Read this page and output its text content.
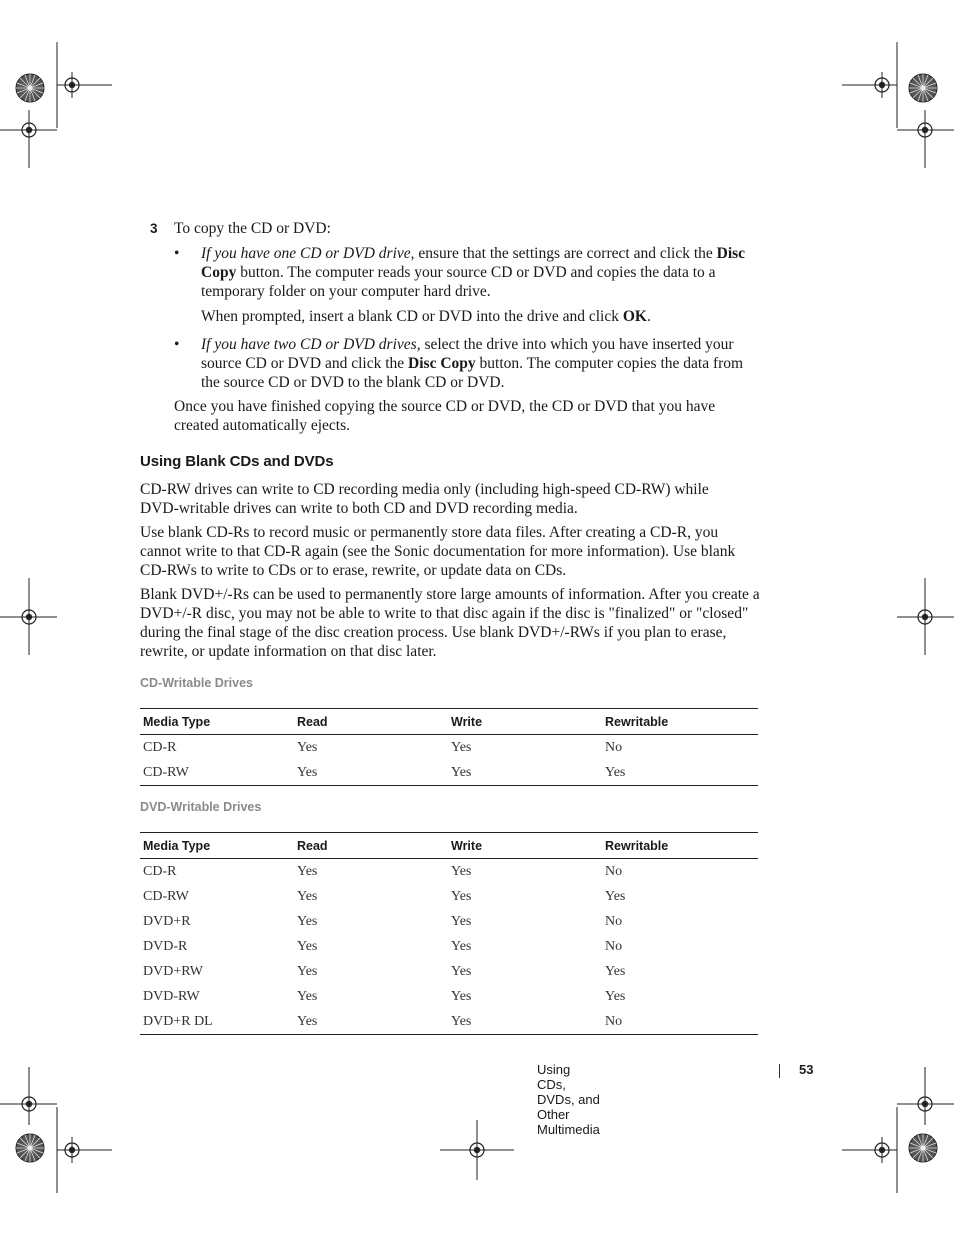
3 To copy the CD or DVD:
• If you have one CD or DVD drive, ensure that the settings are correct and click the Disc Copy button. The computer reads your source CD or DVD and copies the data to a temporary folder on your computer hard drive.
When prompted, insert a blank CD or DVD into the drive and click OK.
• If you have two CD or DVD drives, select the drive into which you have inserted your source CD or DVD and click the Disc Copy button. The computer copies the data from the source CD or DVD to the blank CD or DVD.
Once you have finished copying the source CD or DVD, the CD or DVD that you have created automatically ejects.
Using Blank CDs and DVDs
CD-RW drives can write to CD recording media only (including high-speed CD-RW) while DVD-writable drives can write to both CD and DVD recording media.
Use blank CD-Rs to record music or permanently store data files. After creating a CD-R, you cannot write to that CD-R again (see the Sonic documentation for more information). Use blank CD-RWs to write to CDs or to erase, rewrite, or update data on CDs.
Blank DVD+/-Rs can be used to permanently store large amounts of information. After you create a DVD+/-R disc, you may not be able to write to that disc again if the disc is "finalized" or "closed" during the final stage of the disc creation process. Use blank DVD+/-RWs if you plan to erase, rewrite, or update information on that disc later.
CD-Writable Drives
Media Type	Read	Write	Rewritable
CD-R	Yes	Yes	No
CD-RW	Yes	Yes	Yes
DVD-Writable Drives
Media Type	Read	Write	Rewritable
CD-R	Yes	Yes	No
CD-RW	Yes	Yes	Yes
DVD+R	Yes	Yes	No
DVD-R	Yes	Yes	No
DVD+RW	Yes	Yes	Yes
DVD-RW	Yes	Yes	Yes
DVD+R DL	Yes	Yes	No
Using CDs, DVDs, and Other Multimedia
53
